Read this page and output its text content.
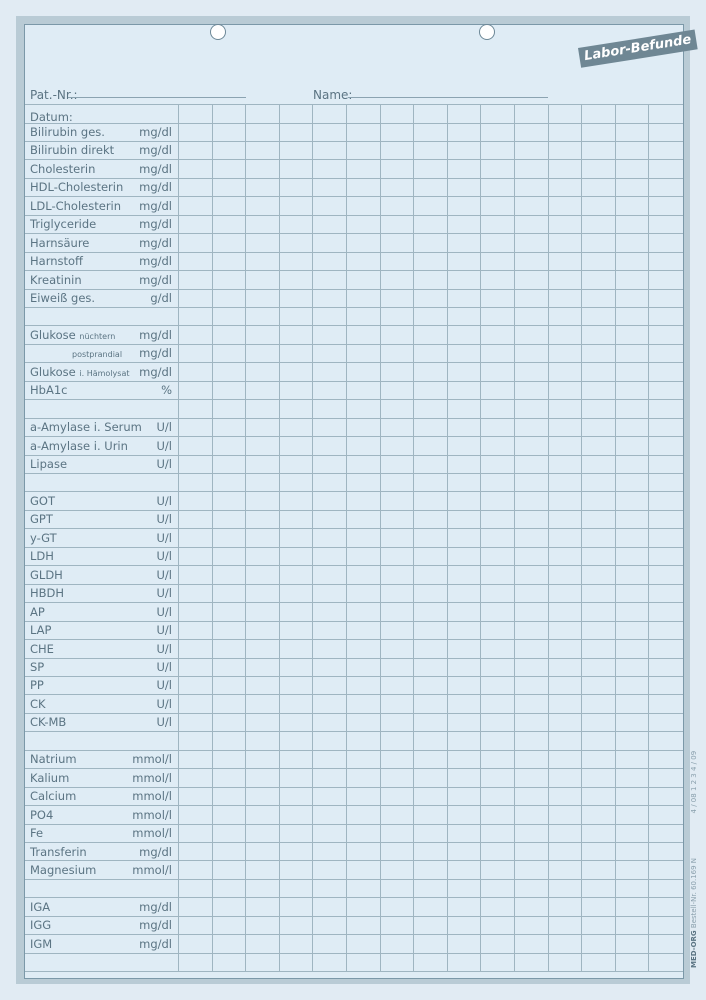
Labor-Befunde
Pat.-Nr.:	Name:
Datum:
Bilirubin ges.	mg/dl
Bilirubin direkt mg/dl
Cholesterin	mg/dl
HDL-Cholesterin mg/dl
LDL-Cholesterin mg/dl
Triglyceride	mg/dl
Harnsäure	mg/dl
Harnstoff	mg/dl
Kreatinin	mg/dl
Eiweiß ges.	g/dl
Glukose nüchtern mg/dl
postprandial mg/dl
Glukose i. Hämolysat mg/dl
HbA1c	%
a-Amylase i. Serum U/l
a-Amylase i. Urin U/l
Lipase	U/l
GOT	U/l
GPT	U/l
y-GT	U/l
LDH	U/l
GLDH	U/l
HBDH	U/l
AP	U/l
LAP	U/l
CHE	U/l
SP	U/l
PP	U/l
CK	U/l
CK-MB	U/l
Natrium	mmol/l
Kalium	mmol/l
Calcium	mmol/l
PO4	mmol/l
Fe	mmol/l
Transferin	mg/dl
Magnesium	mmol/l
IGA	mg/dl
IGG	mg/dl
IGM	mg/dl	MED-ORG Bestell-Nr. 60.169 N                    4 / 08 1 2 3 4 / 09
